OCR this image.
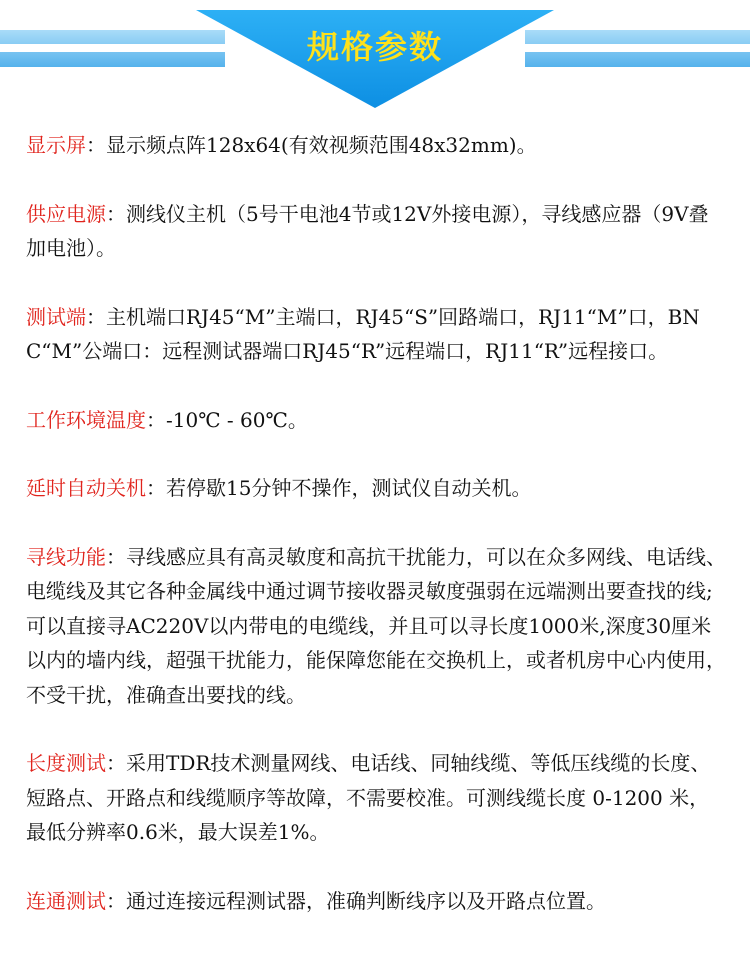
规格参数

显示屏：显示频点阵128x64(有效视频范围48x32mm)。

供应电源：测线仪主机（5号干电池4节或12V外接电源），寻线感应器（9V叠加电池）。

测试端：主机端口RJ45“M”主端口，RJ45“S”回路端口，RJ11“M”口，BNC“M”公端口：远程测试器端口RJ45“R”远程端口，RJ11“R”远程接口。

工作环境温度：-10℃ - 60℃。

延时自动关机：若停歇15分钟不操作，测试仪自动关机。

寻线功能：寻线感应具有高灵敏度和高抗干扰能力，可以在众多网线、电话线、电缆线及其它各种金属线中通过调节接收器灵敏度强弱在远端测出要查找的线;可以直接寻AC220V以内带电的电缆线，并且可以寻长度1000米,深度30厘米以内的墙内线，超强干扰能力，能保障您能在交换机上，或者机房中心内使用，不受干扰，准确查出要找的线。

长度测试：采用TDR技术测量网线、电话线、同轴线缆、等低压线缆的长度、短路点、开路点和线缆顺序等故障，不需要校准。可测线缆长度 0-1200 米，最低分辨率0.6米，最大误差1%。

连通测试：通过连接远程测试器，准确判断线序以及开路点位置。
